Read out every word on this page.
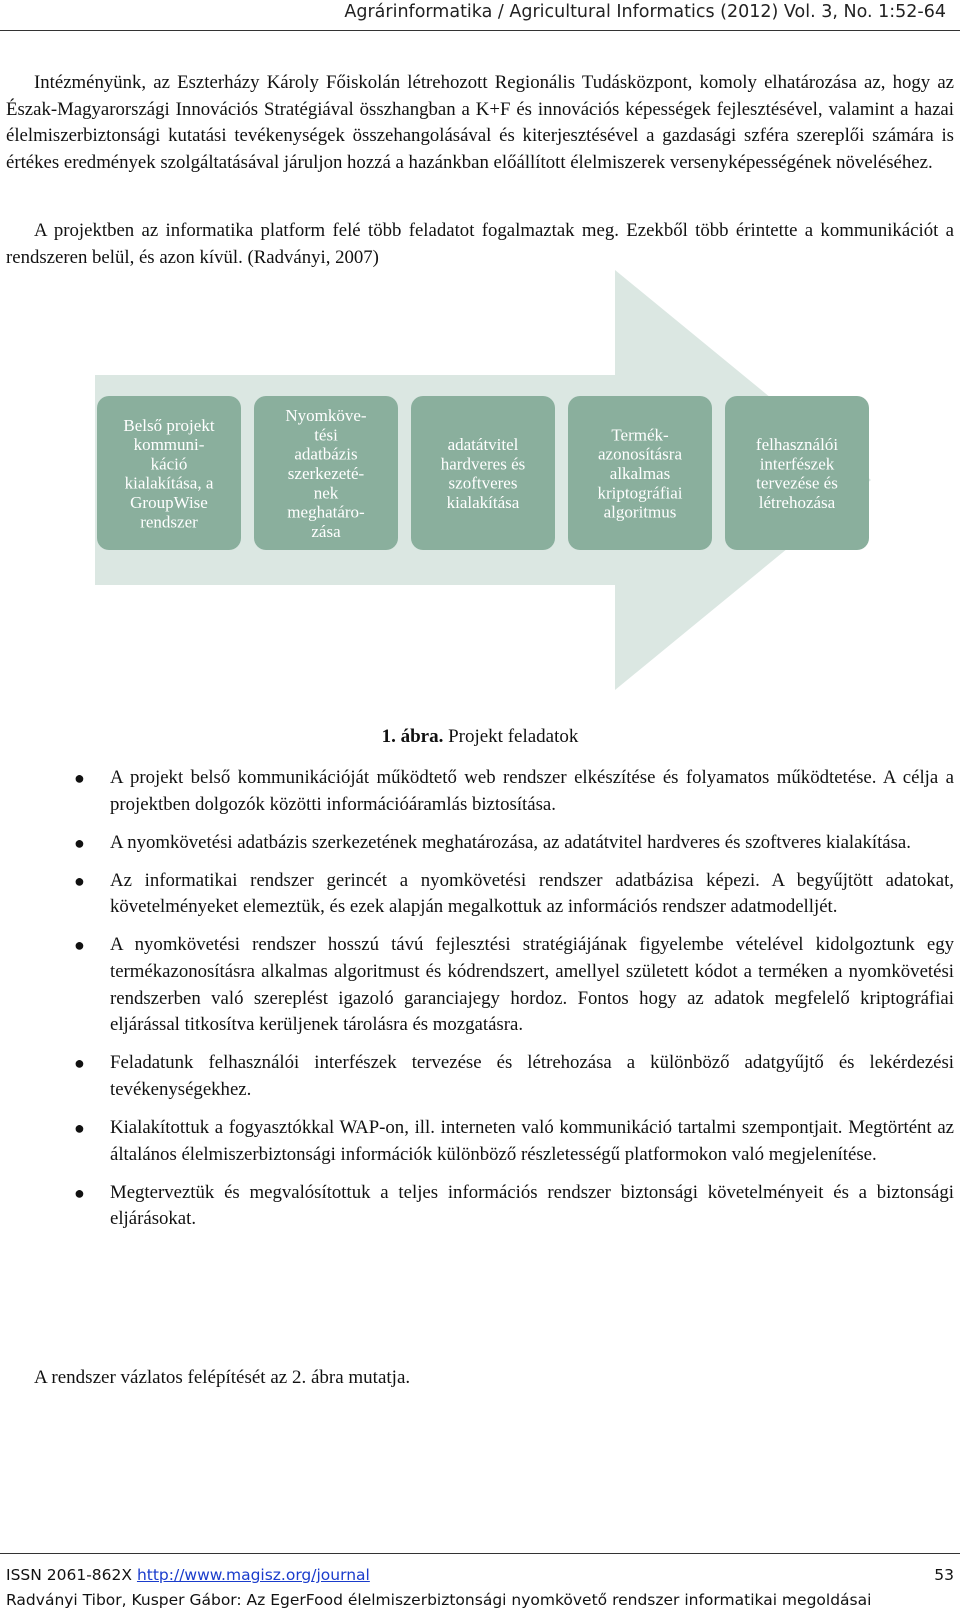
Agrárinformatika / Agricultural Informatics (2012) Vol. 3, No. 1:52-64

Intézményünk, az Eszterházy Károly Főiskolán létrehozott Regionális Tudásközpont, komoly elhatározása az, hogy az Észak-Magyarországi Innovációs Stratégiával összhangban a K+F és innovációs képességek fejlesztésével, valamint a hazai élelmiszerbiztonsági kutatási tevékenységek összehangolásával és kiterjesztésével a gazdasági szféra szereplői számára is értékes eredmények szolgáltatásával járuljon hozzá a hazánkban előállított élelmiszerek versenyképességének növeléséhez.

A projektben az informatika platform felé több feladatot fogalmaztak meg. Ezekből több érintette a kommunikációt a rendszeren belül, és azon kívül. (Radványi, 2007)

Belső projekt
kommuni-
káció
kialakítása, a
GroupWise
rendszer
Nyomköve-
tési
adatbázis
szerkezeté-
nek
meghatáro-
zása
adatátvitel
hardveres és
szoftveres
kialakítása
Termék-
azonosításra
alkalmas
kriptográfiai
algoritmus
felhasználói
interfészek
tervezése és
létrehozása
1. ábra. Projekt feladatok
● A projekt belső kommunikációját működtető web rendszer elkészítése és folyamatos működtetése. A célja a projektben dolgozók közötti információáramlás biztosítása.
● A nyomkövetési adatbázis szerkezetének meghatározása, az adatátvitel hardveres és szoftveres kialakítása.
● Az informatikai rendszer gerincét a nyomkövetési rendszer adatbázisa képezi. A begyűjtött adatokat, követelményeket elemeztük, és ezek alapján megalkottuk az információs rendszer adatmodelljét.
● A nyomkövetési rendszer hosszú távú fejlesztési stratégiájának figyelembe vételével kidolgoztunk egy termékazonosításra alkalmas algoritmust és kódrendszert, amellyel született kódot a terméken a nyomkövetési rendszerben való szereplést igazoló garanciajegy hordoz. Fontos hogy az adatok megfelelő kriptográfiai eljárással titkosítva kerüljenek tárolásra és mozgatásra.
● Feladatunk felhasználói interfészek tervezése és létrehozása a különböző adatgyűjtő és lekérdezési tevékenységekhez.
● Kialakítottuk a fogyasztókkal WAP-on, ill. interneten való kommunikáció tartalmi szempontjait. Megtörtént az általános élelmiszerbiztonsági információk különböző részletességű platformokon való megjelenítése.
● Megterveztük és megvalósítottuk a teljes információs rendszer biztonsági követelményeit és a biztonsági eljárásokat.

A rendszer vázlatos felépítését az 2. ábra mutatja.

ISSN 2061-862X http://www.magisz.org/journal	53
Radványi Tibor, Kusper Gábor: Az EgerFood élelmiszerbiztonsági nyomkövető rendszer informatikai megoldásai
